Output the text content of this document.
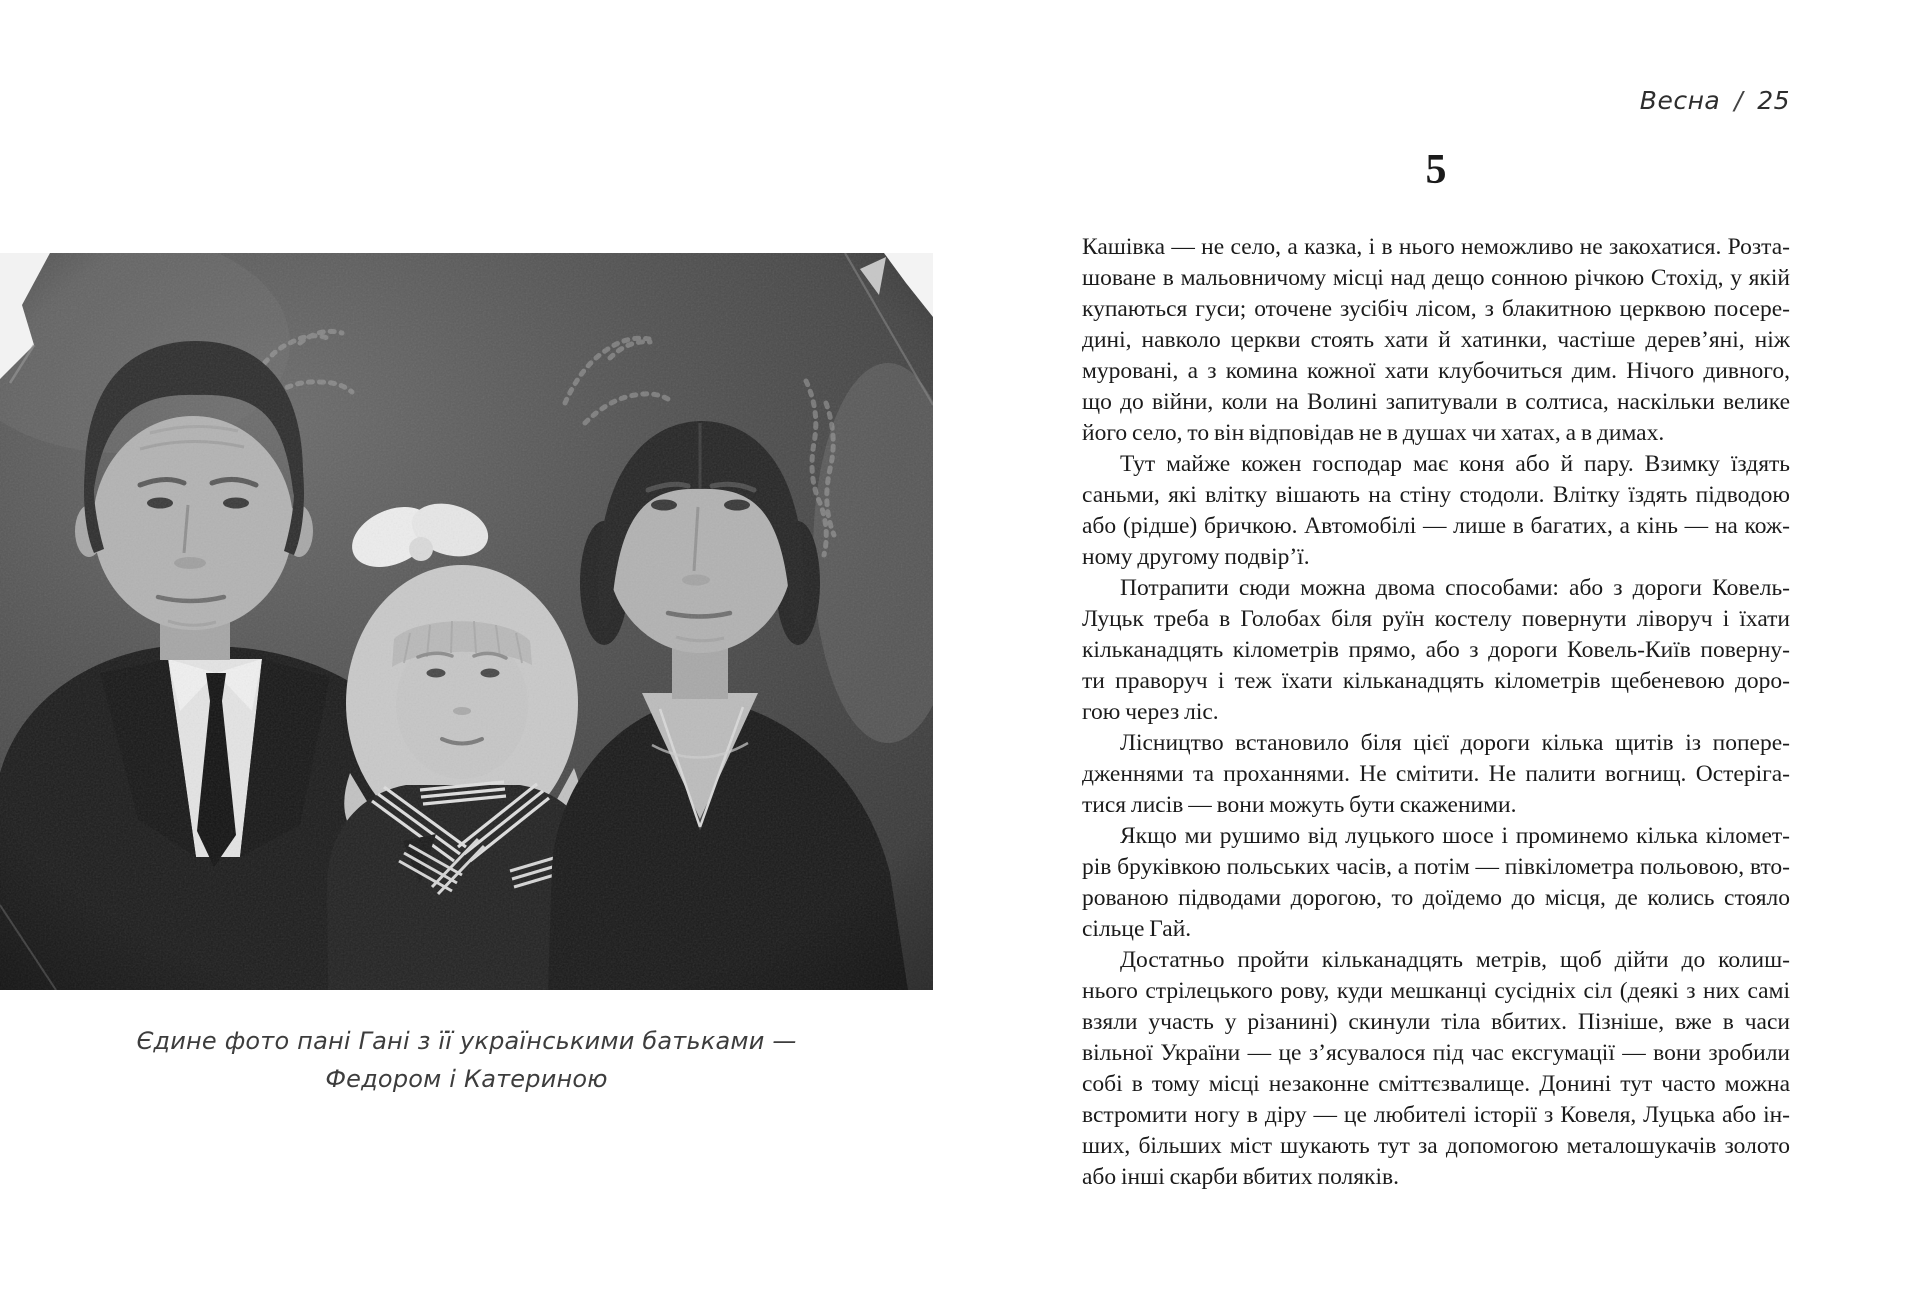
Єдине фото пані Гані з її українськими батьками —
Федором і Катериною
Весна / 25
5
Кашівка — не село, а казка, і в нього неможливо не закохатися. Розта-
шоване в мальовничому місці над дещо сонною річкою Стохід, у якій
купаються гуси; оточене зусібіч лісом, з блакитною церквою посере-
дині, навколо церкви стоять хати й хатинки, частіше дерев’яні, ніж
муровані, а з комина кожної хати клубочиться дим. Нічого дивного,
що до війни, коли на Волині запитували в солтиса, наскільки велике
його село, то він відповідав не в душах чи хатах, а в димах.
Тут майже кожен господар має коня або й пару. Взимку їздять
саньми, які влітку вішають на стіну стодоли. Влітку їздять підводою
або (рідше) бричкою. Автомобілі — лише в багатих, а кінь — на кож-
ному другому подвір’ї.
Потрапити сюди можна двома способами: або з дороги Ковель-
Луцьк треба в Голобах біля руїн костелу повернути ліворуч і їхати
кільканадцять кілометрів прямо, або з дороги Ковель-Київ поверну-
ти праворуч і теж їхати кільканадцять кілометрів щебеневою доро-
гою через ліс.
Лісництво встановило біля цієї дороги кілька щитів із попере-
дженнями та проханнями. Не смітити. Не палити вогнищ. Остеріга-
тися лисів — вони можуть бути скаженими.
Якщо ми рушимо від луцького шосе і проминемо кілька кіломет-
рів бруківкою польських часів, а потім — півкілометра польовою, вто-
рованою підводами дорогою, то доїдемо до місця, де колись стояло
сільце Гай.
Достатньо пройти кільканадцять метрів, щоб дійти до колиш-
нього стрілецького рову, куди мешканці сусідніх сіл (деякі з них самі
взяли участь у різанині) скинули тіла вбитих. Пізніше, вже в часи
вільної України — це з’ясувалося під час ексгумації — вони зробили
собі в тому місці незаконне сміттєзвалище. Донині тут часто можна
встромити ногу в діру — це любителі історії з Ковеля, Луцька або ін-
ших, більших міст шукають тут за допомогою металошукачів золото
або інші скарби вбитих поляків.
